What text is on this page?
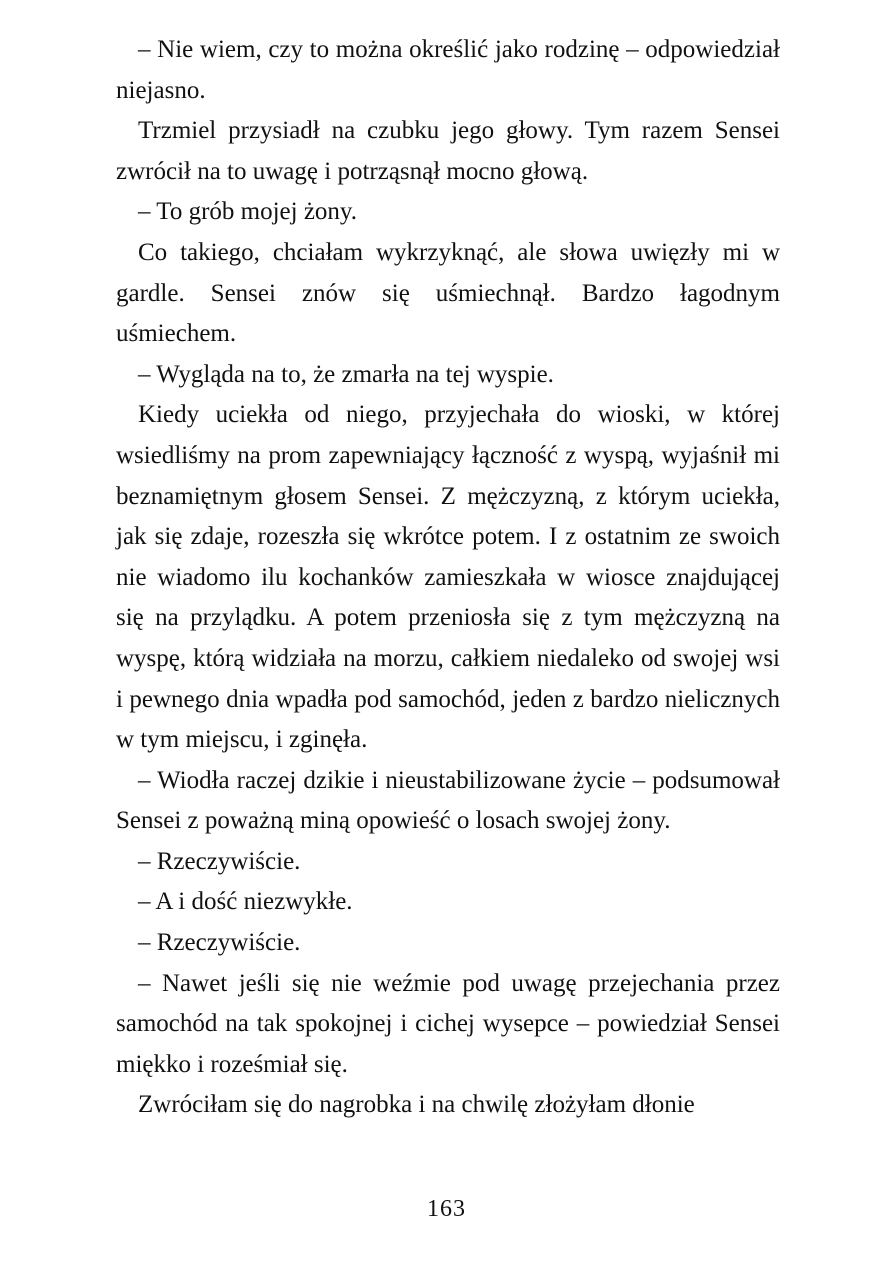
– Nie wiem, czy to można określić jako rodzinę – odpowiedział niejasno.

Trzmiel przysiadł na czubku jego głowy. Tym razem Sensei zwrócił na to uwagę i potrząsnął mocno głową.

– To grób mojej żony.

Co takiego, chciałam wykrzyknąć, ale słowa uwięzły mi w gardle. Sensei znów się uśmiechnął. Bardzo łagodnym uśmiechem.

– Wygląda na to, że zmarła na tej wyspie.

Kiedy uciekła od niego, przyjechała do wioski, w której wsiedliśmy na prom zapewniający łączność z wyspą, wyjaśnił mi beznamiętnym głosem Sensei. Z mężczyzną, z którym uciekła, jak się zdaje, rozeszła się wkrótce potem. I z ostatnim ze swoich nie wiadomo ilu kochanków zamieszkała w wiosce znajdującej się na przylądku. A potem przeniosła się z tym mężczyzną na wyspę, którą widziała na morzu, całkiem niedaleko od swojej wsi i pewnego dnia wpadła pod samochód, jeden z bardzo nielicznych w tym miejscu, i zginęła.

– Wiodła raczej dzikie i nieustabilizowane życie – podsumował Sensei z poważną miną opowieść o losach swojej żony.

– Rzeczywiście.

– A i dość niezwykłe.

– Rzeczywiście.

– Nawet jeśli się nie weźmie pod uwagę przejechania przez samochód na tak spokojnej i cichej wysepce – powiedział Sensei miękko i roześmiał się.

Zwróciłam się do nagrobka i na chwilę złożyłam dłonie

163
